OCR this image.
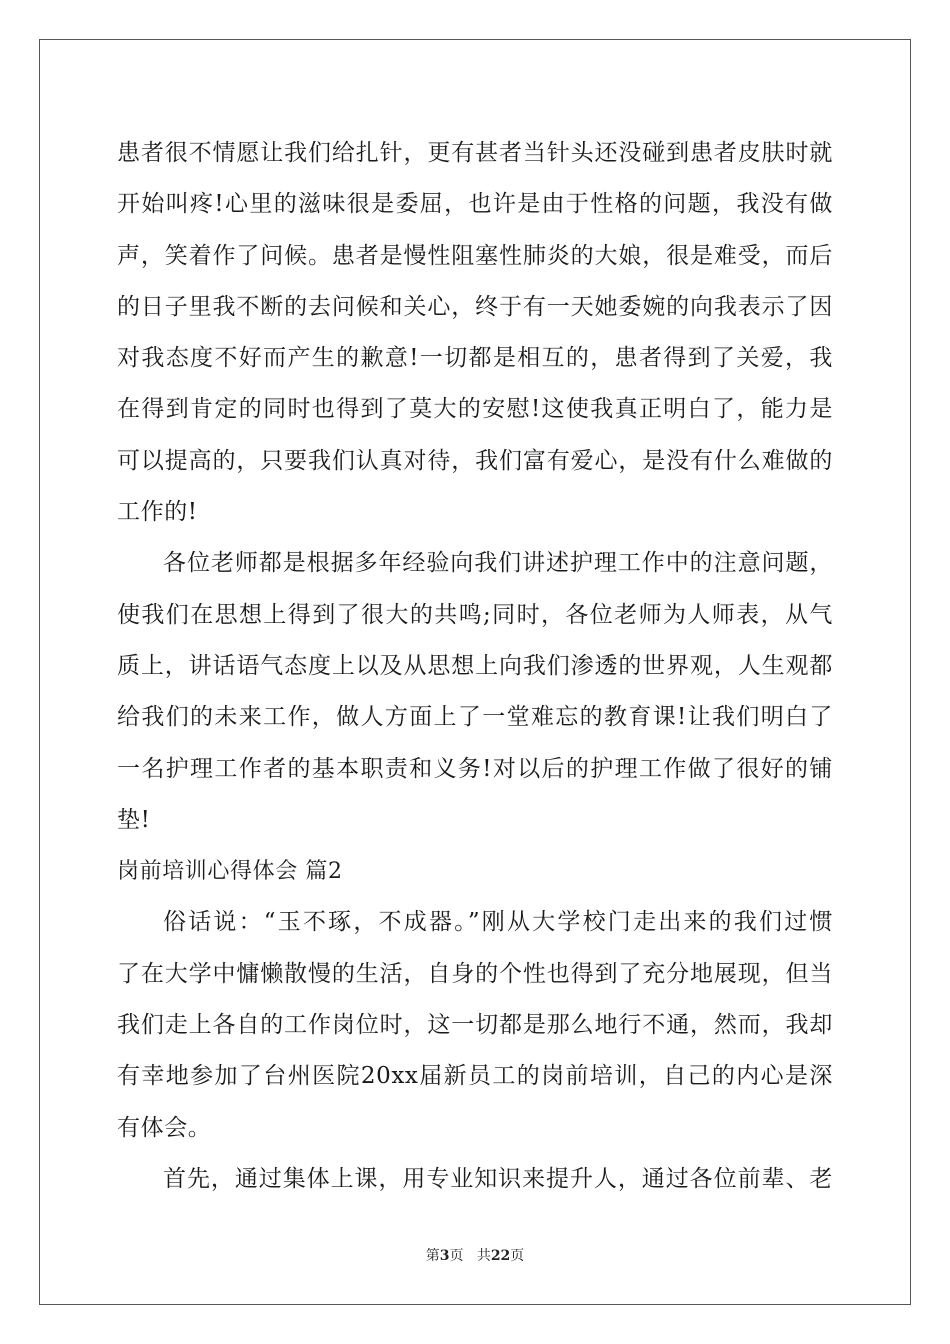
患者很不情愿让我们给扎针，更有甚者当针头还没碰到患者皮肤时就
开始叫疼!心里的滋味很是委屈，也许是由于性格的问题，我没有做
声，笑着作了问候。患者是慢性阻塞性肺炎的大娘，很是难受，而后
的日子里我不断的去问候和关心，终于有一天她委婉的向我表示了因
对我态度不好而产生的歉意!一切都是相互的，患者得到了关爱，我
在得到肯定的同时也得到了莫大的安慰!这使我真正明白了，能力是
可以提高的，只要我们认真对待，我们富有爱心，是没有什么难做的
工作的!
各位老师都是根据多年经验向我们讲述护理工作中的注意问题，
使我们在思想上得到了很大的共鸣;同时，各位老师为人师表，从气
质上，讲话语气态度上以及从思想上向我们渗透的世界观，人生观都
给我们的未来工作，做人方面上了一堂难忘的教育课!让我们明白了
一名护理工作者的基本职责和义务!对以后的护理工作做了很好的铺
垫!
岗前培训心得体会 篇2
俗话说：“玉不琢，不成器。”刚从大学校门走出来的我们过惯
了在大学中慵懒散慢的生活，自身的个性也得到了充分地展现，但当
我们走上各自的工作岗位时，这一切都是那么地行不通，然而，我却
有幸地参加了台州医院20xx届新员工的岗前培训，自己的内心是深
有体会。
首先，通过集体上课，用专业知识来提升人，通过各位前辈、老
第3页 共22页
